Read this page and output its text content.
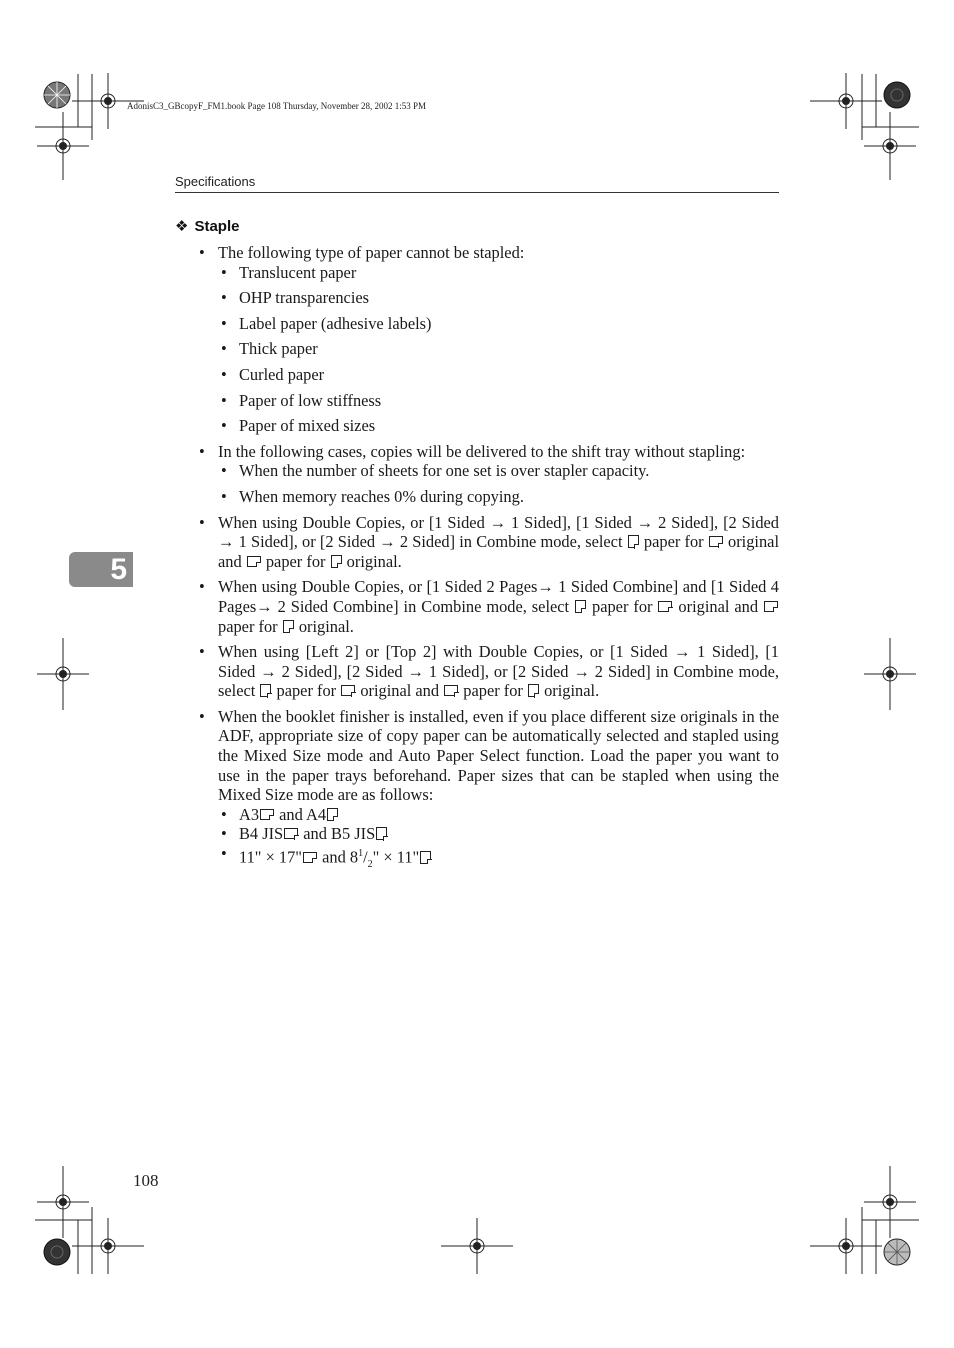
AdonisC3_GBcopyF_FM1.book Page 108 Thursday, November 28, 2002 1:53 PM
Specifications
❖ Staple
5
• The following type of paper cannot be stapled:
• Translucent paper
• OHP transparencies
• Label paper (adhesive labels)
• Thick paper
• Curled paper
• Paper of low stiffness
• Paper of mixed sizes
• In the following cases, copies will be delivered to the shift tray without stapling:
• When the number of sheets for one set is over stapler capacity.
• When memory reaches 0% during copying.
• When using Double Copies, or [1 Sided → 1 Sided], [1 Sided → 2 Sided], [2 Sided → 1 Sided], or [2 Sided → 2 Sided] in Combine mode, select  paper for  original and  paper for  original.
• When using Double Copies, or [1 Sided 2 Pages→ 1 Sided Combine] and [1 Sided 4 Pages→ 2 Sided Combine] in Combine mode, select  paper for  original and  paper for  original.
• When using [Left 2] or [Top 2] with Double Copies, or [1 Sided → 1 Sided], [1 Sided → 2 Sided], [2 Sided → 1 Sided], or [2 Sided → 2 Sided] in Combine mode, select  paper for  original and  paper for  original.
• When the booklet finisher is installed, even if you place different size originals in the ADF, appropriate size of copy paper can be automatically selected and stapled using the Mixed Size mode and Auto Paper Select function. Load the paper you want to use in the paper trays beforehand. Paper sizes that can be stapled when using the Mixed Size mode are as follows:
• A3 and A4
• B4 JIS and B5 JIS
• 11" × 17" and $8^1/_2$" × 11"
108
